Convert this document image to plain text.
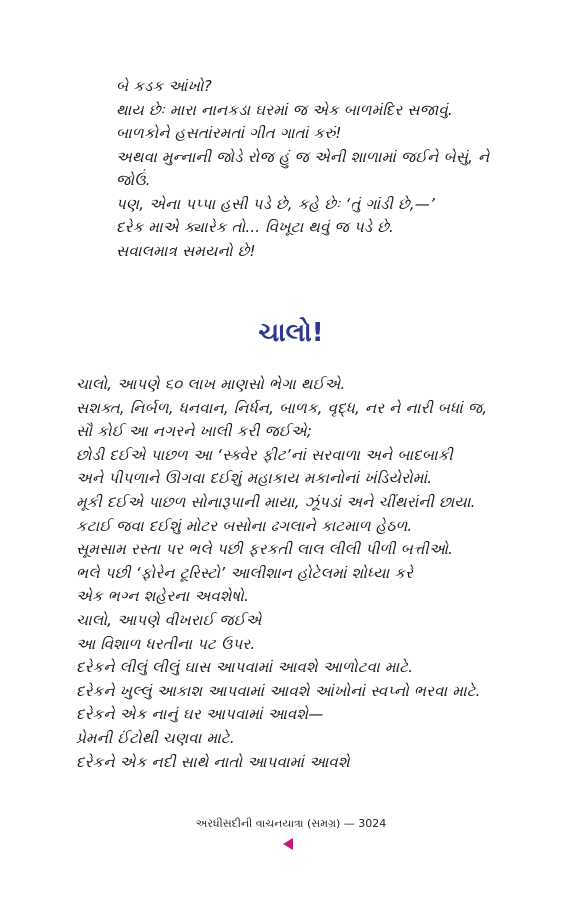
બે કડક આંખો?
થાય છેઃ મારા નાનકડા ઘરમાં જ એક બાળમંદિર સજાવું.
બાળકોને હસતાંરમતાં ગીત ગાતાં કરું!
અથવા મુન્નાની જોડે રોજ હું જ એની શાળામાં જઈને બેસું, ને
જોઉં.
પણ, એના પપ્પા હસી પડે છે, કહે છેઃ ‘તું ગાંડી છે,—’
દરેક માએ ક્યારેક તો... વિખૂટા થવું જ પડે છે.
સવાલમાત્ર સમયનો છે!
ચાલો!
ચાલો, આપણે ૬૦ લાખ માણસો ભેગા થઈએ.
સશક્ત, નિર્બળ, ધનવાન, નિર્ધન, બાળક, વૃદ્ધ, નર ને નારી બધાં જ,
સૌ કોઈ આ નગરને ખાલી કરી જઈએ;
છોડી દઈએ પાછળ આ ‘સ્ક્વેર ફીટ’નાં સરવાળા અને બાદબાકી
અને પીપળાને ઊગવા દઈશું મહાકાય મકાનોનાં ખંડિયેરોમાં.
મૂકી દઈએ પાછળ સોનારૂપાની માયા, ઝૂંપડાં અને ચીંથરાંની છાયા.
કટાઈ જવા દઈશું મોટર બસોના ઢગલાને કાટમાળ હેઠળ.
સૂમસામ રસ્તા પર ભલે પછી ફરકતી લાલ લીલી પીળી બત્તીઓ.
ભલે પછી ‘ફોરેન ટૂરિસ્ટો’ આલીશાન હોટેલમાં શોધ્યા કરે
એક ભગ્ન શહેરના અવશેષો.
ચાલો, આપણે વીખરાઈ જઈએ
આ વિશાળ ધરતીના પટ ઉપર.
દરેકને લીલું લીલું ઘાસ આપવામાં આવશે આળોટવા માટે.
દરેકને ખુલ્લું આકાશ આપવામાં આવશે આંખોનાં સ્વપ્નો ભરવા માટે.
દરેકને એક નાનું ઘર આપવામાં આવશે—
પ્રેમની ઈંટોથી ચણવા માટે.
દરેકને એક નદી સાથે નાતો આપવામાં આવશે
અરધીસદીની વાચનયાત્રા (સમગ્ર) — 3024
